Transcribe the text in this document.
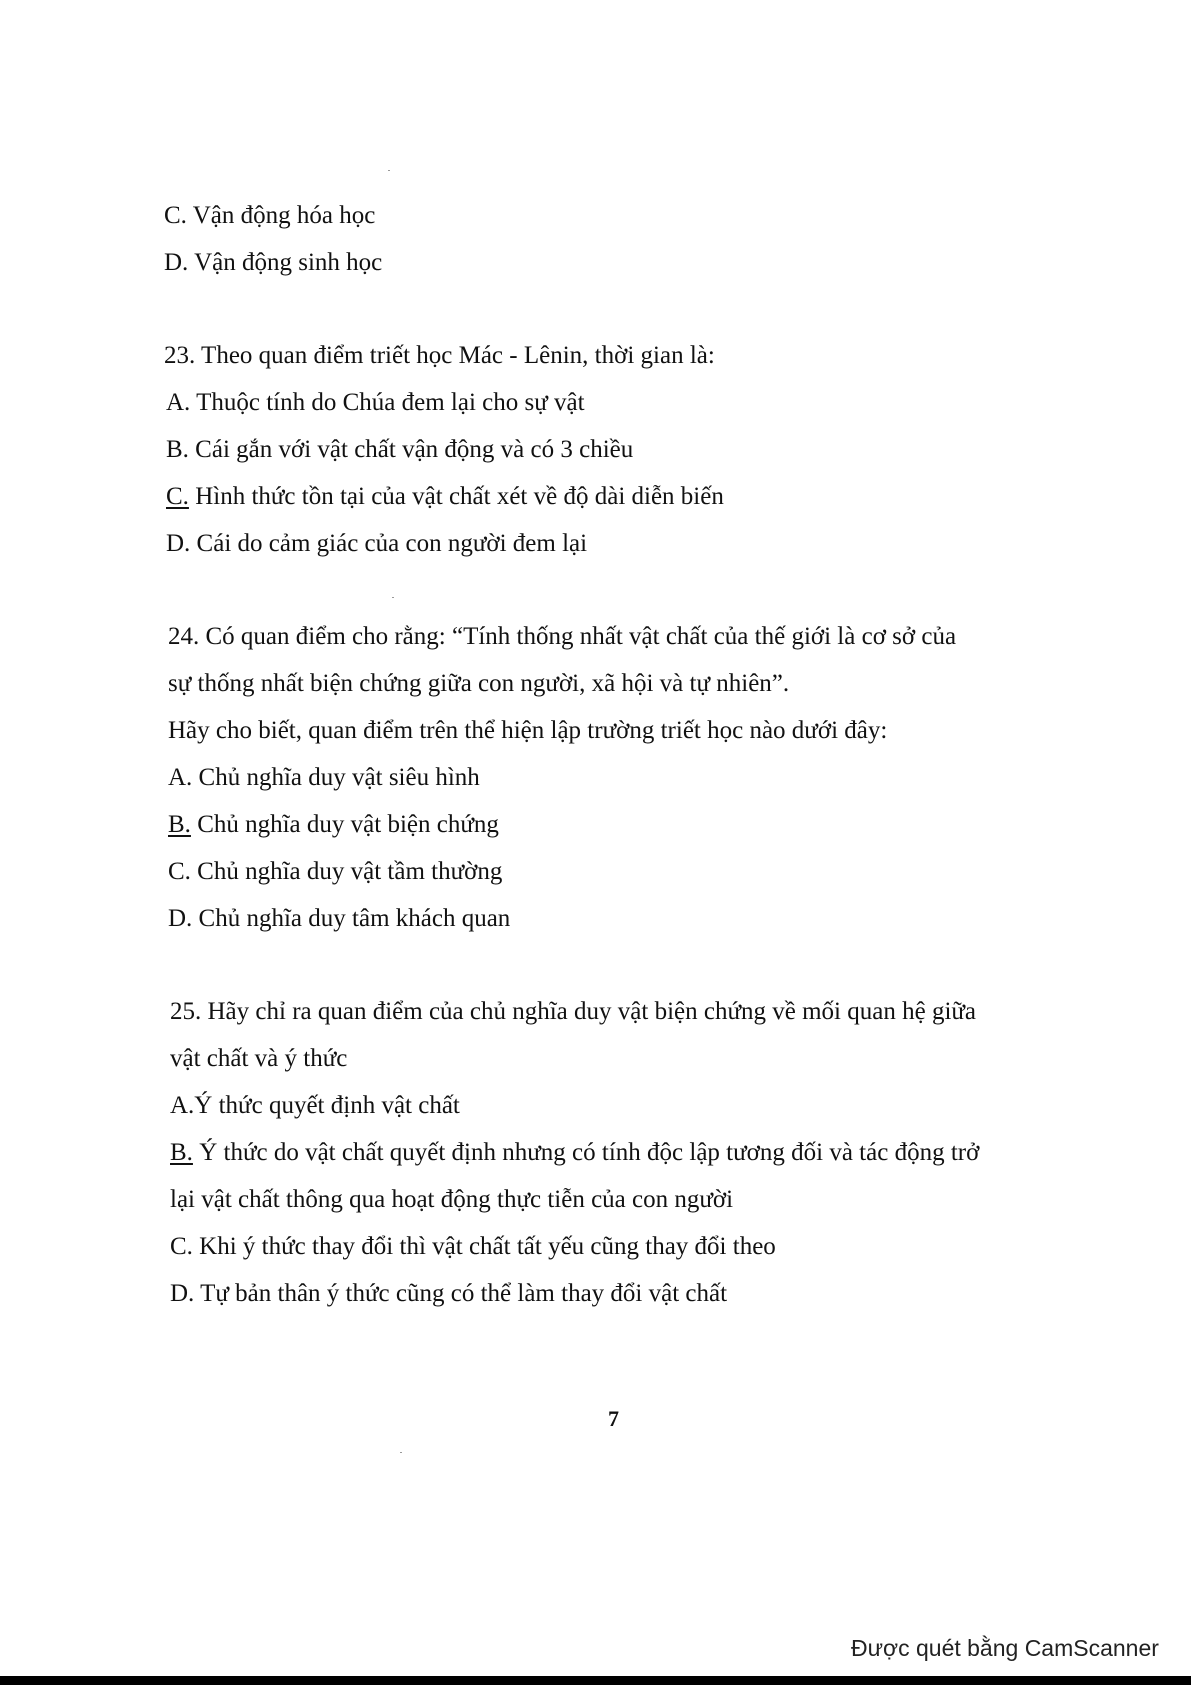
C. Vận động hóa học
D. Vận động sinh học
23. Theo quan điểm triết học Mác - Lênin, thời gian là:
A. Thuộc tính do Chúa đem lại cho sự vật
B. Cái gắn với vật chất vận động và có 3 chiều
C. Hình thức tồn tại của vật chất xét về độ dài diễn biến
D. Cái do cảm giác của con người đem lại
24. Có quan điểm cho rằng: “Tính thống nhất vật chất của thế giới là cơ sở của
sự thống nhất biện chứng giữa con người, xã hội và tự nhiên”.
Hãy cho biết, quan điểm trên thể hiện lập trường triết học nào dưới đây:
A. Chủ nghĩa duy vật siêu hình
B. Chủ nghĩa duy vật biện chứng
C. Chủ nghĩa duy vật tầm thường
D. Chủ nghĩa duy tâm khách quan
25. Hãy chỉ ra quan điểm của chủ nghĩa duy vật biện chứng về mối quan hệ giữa
vật chất và ý thức
A.Ý thức quyết định vật chất
B. Ý thức do vật chất quyết định nhưng có tính độc lập tương đối và tác động trở
lại vật chất thông qua hoạt động thực tiễn của con người
C. Khi ý thức thay đổi thì vật chất tất yếu cũng thay đổi theo
D. Tự bản thân ý thức cũng có thể làm thay đổi vật chất
7
Được quét bằng CamScanner
